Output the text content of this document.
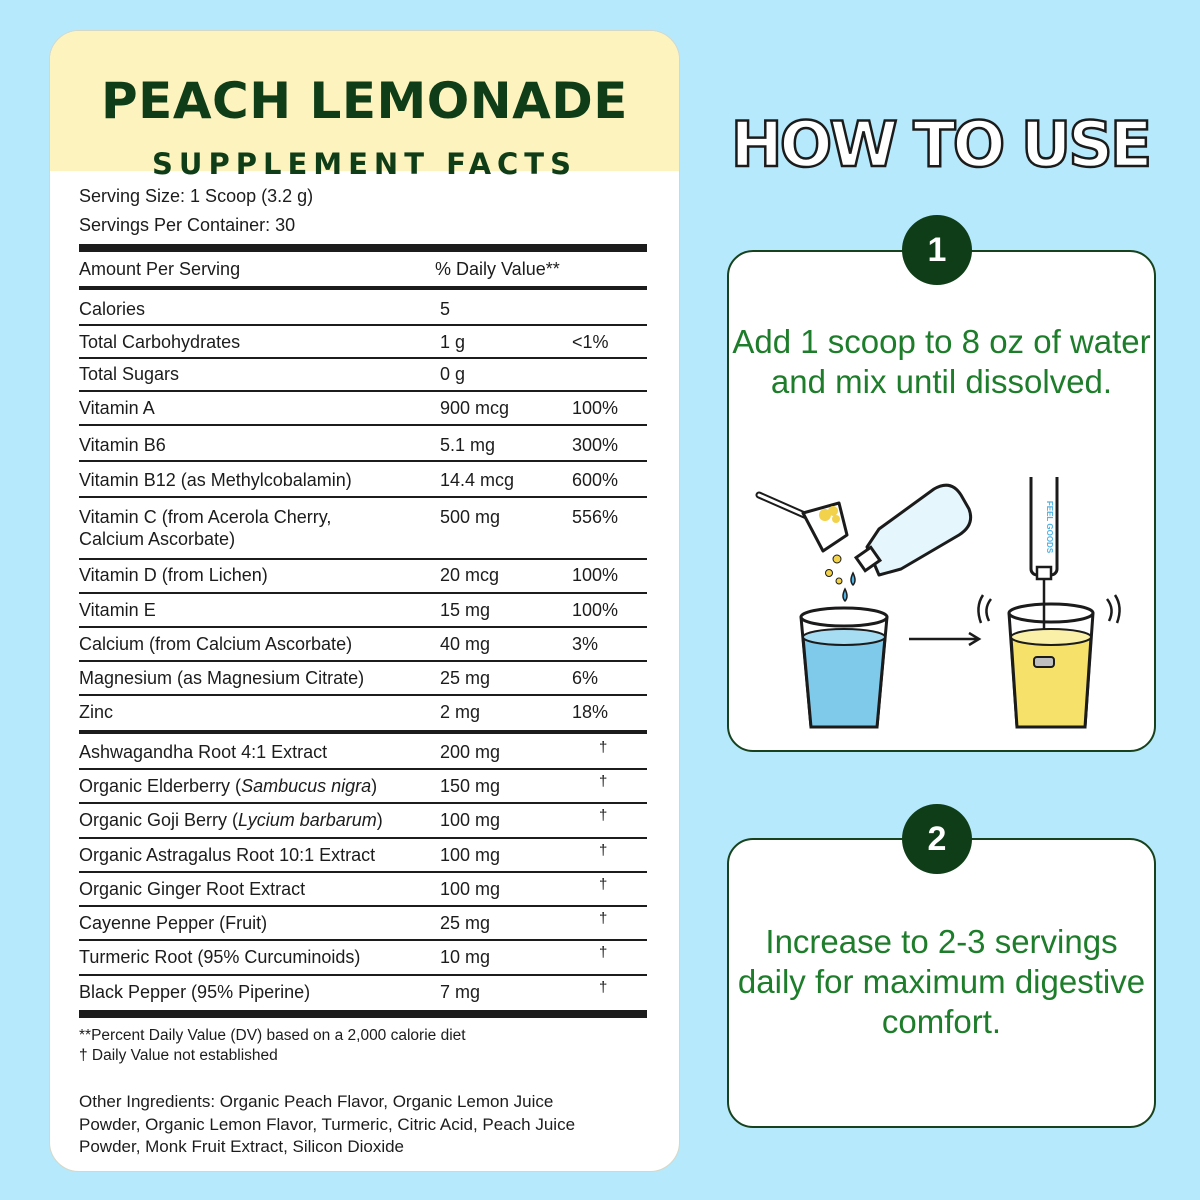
PEACH LEMONADE
SUPPLEMENT FACTS
Serving Size: 1 Scoop (3.2 g)
Servings Per Container: 30
Amount Per Serving	% Daily Value**
Calories	5
Total Carbohydrates	1 g	<1%
Total Sugars	0 g
Vitamin A	900 mcg	100%
Vitamin B6	5.1 mg	300%
Vitamin B12 (as Methylcobalamin)	14.4 mcg	600%
Vitamin C (from Acerola Cherry,
Calcium Ascorbate)
500 mg	556%
Vitamin D (from Lichen)	20 mcg	100%
Vitamin E	15 mg	100%
Calcium (from Calcium Ascorbate)	40 mg	3%
Magnesium (as Magnesium Citrate)	25 mg	6%
Zinc	2 mg	18%
Ashwagandha Root 4:1 Extract	200 mg	†
Organic Elderberry (Sambucus nigra)	150 mg	†
Organic Goji Berry (Lycium barbarum)	100 mg	†
Organic Astragalus Root 10:1 Extract	100 mg	†
Organic Ginger Root Extract	100 mg	†
Cayenne Pepper (Fruit)	25 mg	†
Turmeric Root (95% Curcuminoids)	10 mg	†
Black Pepper (95% Piperine)	7 mg	†
**Percent Daily Value (DV) based on a 2,000 calorie diet
† Daily Value not established
Other Ingredients: Organic Peach Flavor, Organic Lemon Juice Powder, Organic Lemon Flavor, Turmeric, Citric Acid, Peach Juice Powder, Monk Fruit Extract, Silicon Dioxide
HOW TO USE
Add 1 scoop to 8 oz of water and mix until dissolved.
FEEL GOODS
1
Increase to 2-3 servings daily for maximum digestive comfort.
2
